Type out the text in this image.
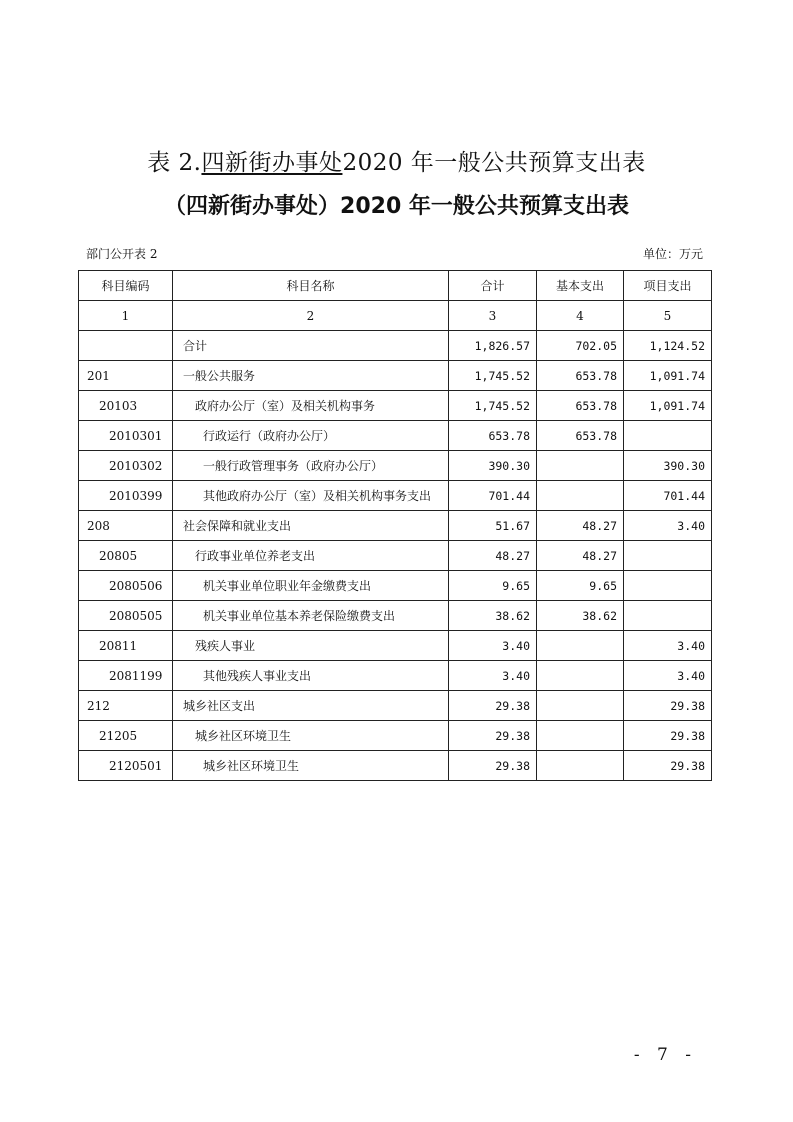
表 2.四新街办事处2020 年一般公共预算支出表
（四新街办事处）2020 年一般公共预算支出表
部门公开表 2	单位：万元
科目编码	科目名称	合计	基本支出	项目支出
1	2	3	4	5
	合计	1,826.57	702.05	1,124.52
201	一般公共服务	1,745.52	653.78	1,091.74
20103	政府办公厅（室）及相关机构事务	1,745.52	653.78	1,091.74
2010301	行政运行（政府办公厅）	653.78	653.78	
2010302	一般行政管理事务（政府办公厅）	390.30		390.30
2010399	其他政府办公厅（室）及相关机构事务支出	701.44		701.44
208	社会保障和就业支出	51.67	48.27	3.40
20805	行政事业单位养老支出	48.27	48.27	
2080506	机关事业单位职业年金缴费支出	9.65	9.65	
2080505	机关事业单位基本养老保险缴费支出	38.62	38.62	
20811	残疾人事业	3.40		3.40
2081199	其他残疾人事业支出	3.40		3.40
212	城乡社区支出	29.38		29.38
21205	城乡社区环境卫生	29.38		29.38
2120501	城乡社区环境卫生	29.38		29.38
- 7 -
